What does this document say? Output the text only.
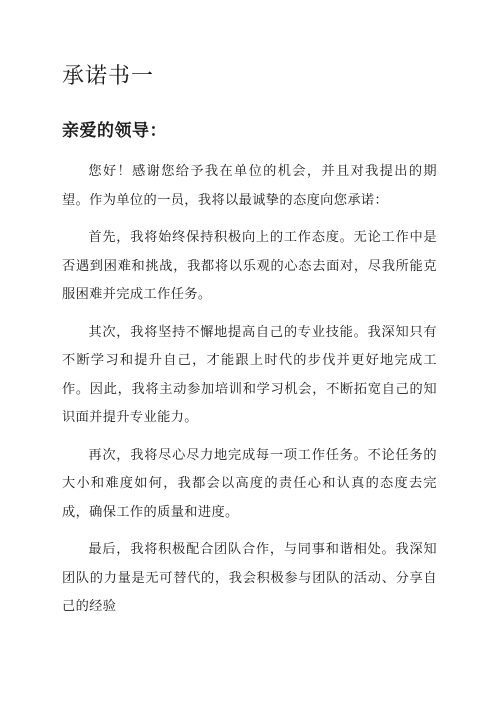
承诺书一
亲爱的领导：

您好！感谢您给予我在单位的机会，并且对我提出的期望。作为单位的一员，我将以最诚挚的态度向您承诺：

首先，我将始终保持积极向上的工作态度。无论工作中是否遇到困难和挑战，我都将以乐观的心态去面对，尽我所能克服困难并完成工作任务。

其次，我将坚持不懈地提高自己的专业技能。我深知只有不断学习和提升自己，才能跟上时代的步伐并更好地完成工作。因此，我将主动参加培训和学习机会，不断拓宽自己的知识面并提升专业能力。

再次，我将尽心尽力地完成每一项工作任务。不论任务的大小和难度如何，我都会以高度的责任心和认真的态度去完成，确保工作的质量和进度。

最后，我将积极配合团队合作，与同事和谐相处。我深知团队的力量是无可替代的，我会积极参与团队的活动、分享自己的经验
